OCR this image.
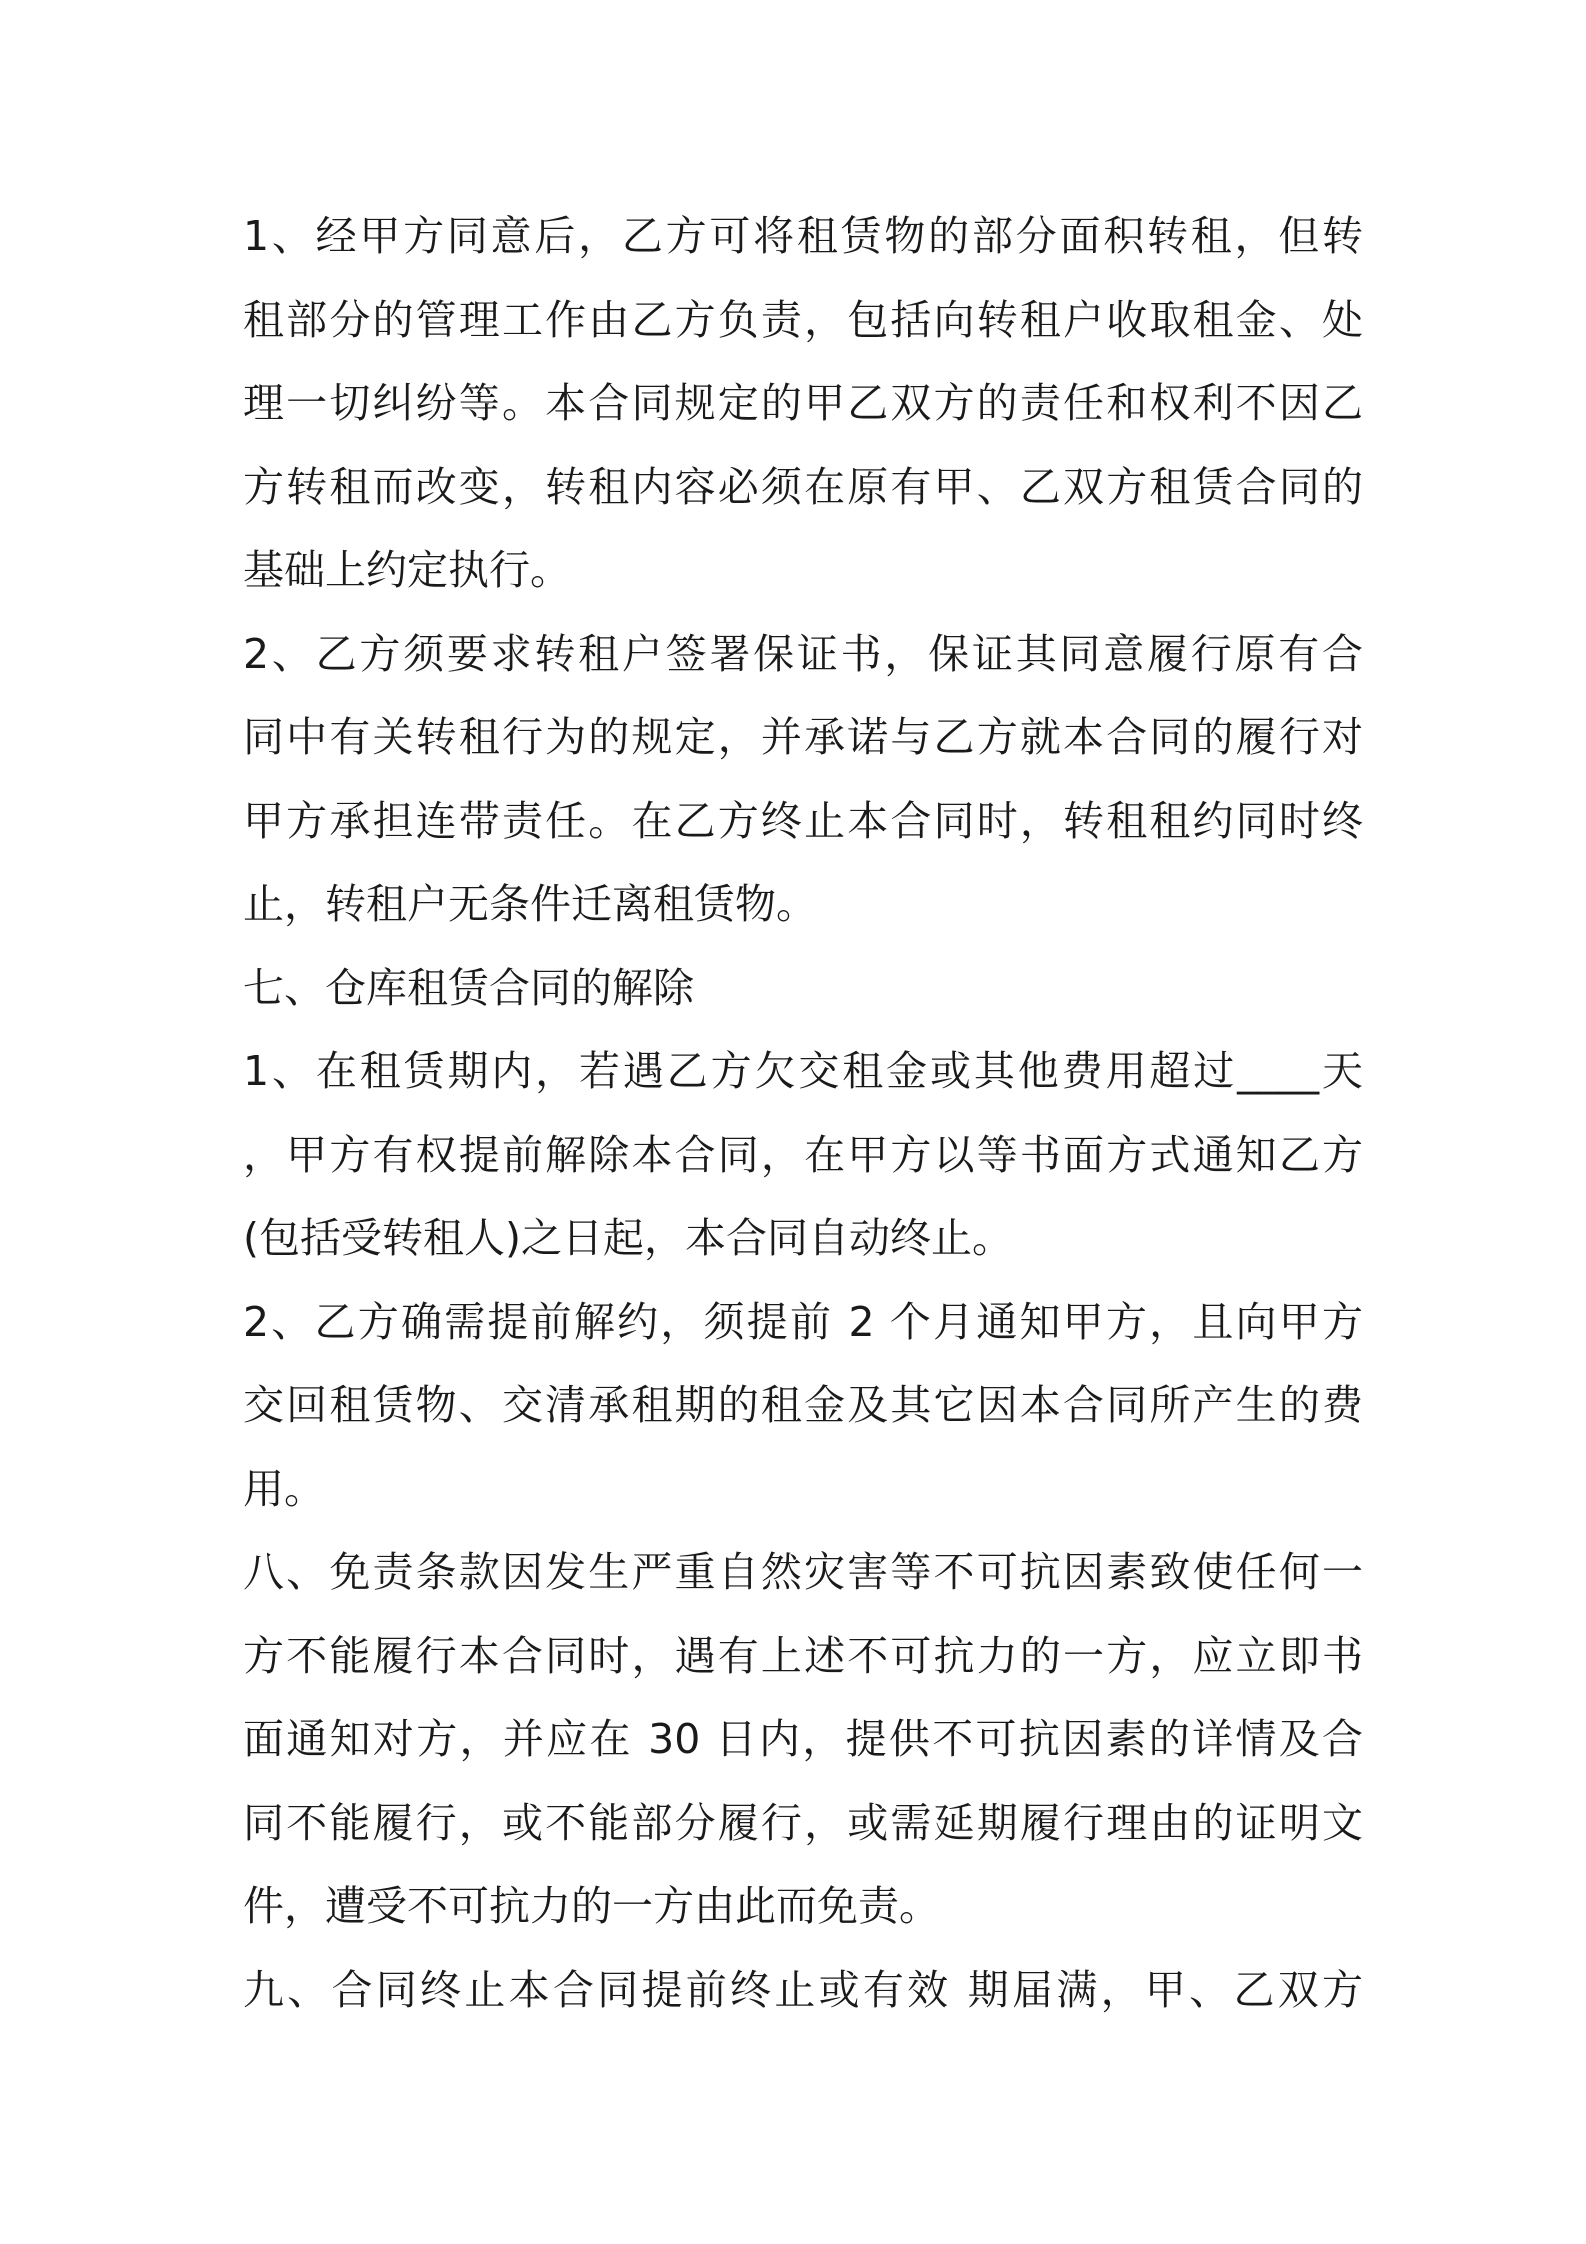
1、经甲方同意后，乙方可将租赁物的部分面积转租，但转
租部分的管理工作由乙方负责，包括向转租户收取租金、处
理一切纠纷等。本合同规定的甲乙双方的责任和权利不因乙
方转租而改变，转租内容必须在原有甲、乙双方租赁合同的
基础上约定执行。
2、乙方须要求转租户签署保证书，保证其同意履行原有合
同中有关转租行为的规定，并承诺与乙方就本合同的履行对
甲方承担连带责任。在乙方终止本合同时，转租租约同时终
止，转租户无条件迁离租赁物。
七、仓库租赁合同的解除
1、在租赁期内，若遇乙方欠交租金或其他费用超过____天
，甲方有权提前解除本合同，在甲方以等书面方式通知乙方
(包括受转租人)之日起，本合同自动终止。
2、乙方确需提前解约，须提前 2 个月通知甲方，且向甲方
交回租赁物、交清承租期的租金及其它因本合同所产生的费
用。
八、免责条款因发生严重自然灾害等不可抗因素致使任何一
方不能履行本合同时，遇有上述不可抗力的一方，应立即书
面通知对方，并应在 30 日内，提供不可抗因素的详情及合
同不能履行，或不能部分履行，或需延期履行理由的证明文
件，遭受不可抗力的一方由此而免责。
九、合同终止本合同提前终止或有效 期届满，甲、乙双方
